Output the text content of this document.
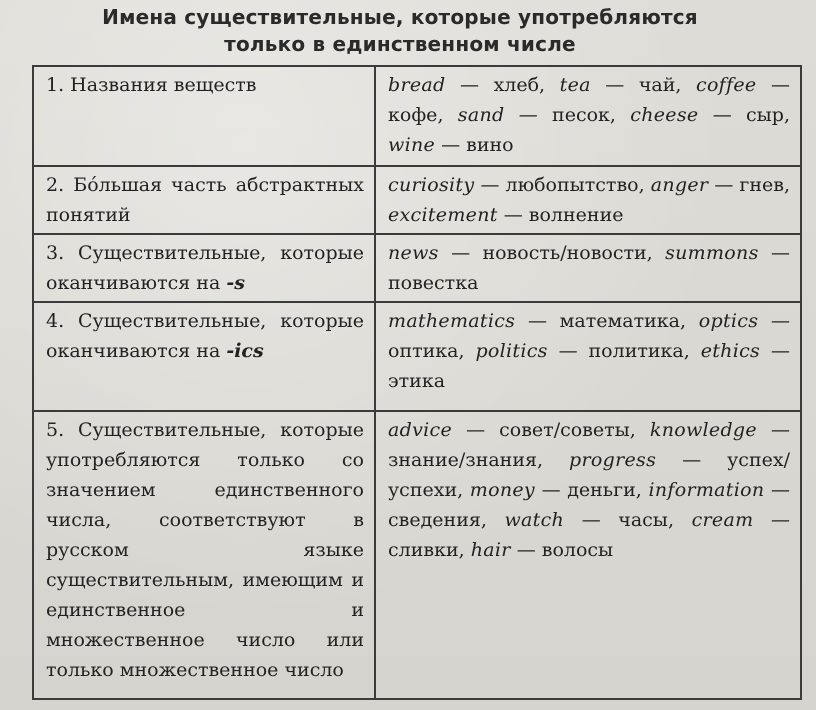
Имена существительные, которые употребляются
только в единственном числе
1. Названия веществ	bread — хлеб, tea — чай, coffee — кофе, sand — песок, cheese — сыр, wine — вино
2. Бóльшая часть абстрактных понятий	curiosity — любопытство, anger — гнев, excitement — волнение
3. Существительные, которые оканчиваются на -s	news — новость/новости, summons — повестка
4. Существительные, которые оканчиваются на -ics	mathematics — математика, optics — оптика, politics — политика, ethics — этика
5. Существительные, которые употребляются только со значением единственного числа, соответствуют в русском языке существительным, имеющим и единственное и множественное число или только множественное число	advice — совет/советы, knowledge — знание/знания, progress — успех/успехи, money — деньги, information — сведения, watch — часы, cream — сливки, hair — волосы
